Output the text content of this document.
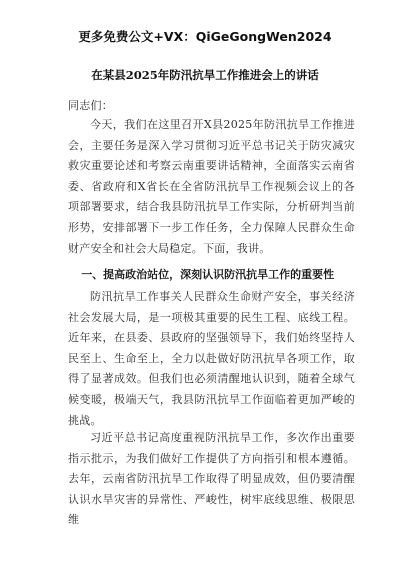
更多免费公文+VX：QiGeGongWen2024
在某县2025年防汛抗旱工作推进会上的讲话
同志们：

今天，我们在这里召开X县2025年防汛抗旱工作推进会，主要任务是深入学习贯彻习近平总书记关于防灾减灾救灾重要论述和考察云南重要讲话精神，全面落实云南省委、省政府和X省长在全省防汛抗旱工作视频会议上的各项部署要求，结合我县防汛抗旱工作实际，分析研判当前形势，安排部署下一步工作任务，全力保障人民群众生命财产安全和社会大局稳定。下面，我讲。

一、提高政治站位，深刻认识防汛抗旱工作的重要性

防汛抗旱工作事关人民群众生命财产安全，事关经济社会发展大局，是一项极其重要的民生工程、底线工程。近年来，在县委、县政府的坚强领导下，我们始终坚持人民至上、生命至上，全力以赴做好防汛抗旱各项工作，取得了显著成效。但我们也必须清醒地认识到，随着全球气候变暖，极端天气，我县防汛抗旱工作面临着更加严峻的挑战。

习近平总书记高度重视防汛抗旱工作，多次作出重要指示批示，为我们做好工作提供了方向指引和根本遵循。去年，云南省防汛抗旱工作取得了明显成效，但仍要清醒认识水旱灾害的异常性、严峻性，树牢底线思维、极限思维
